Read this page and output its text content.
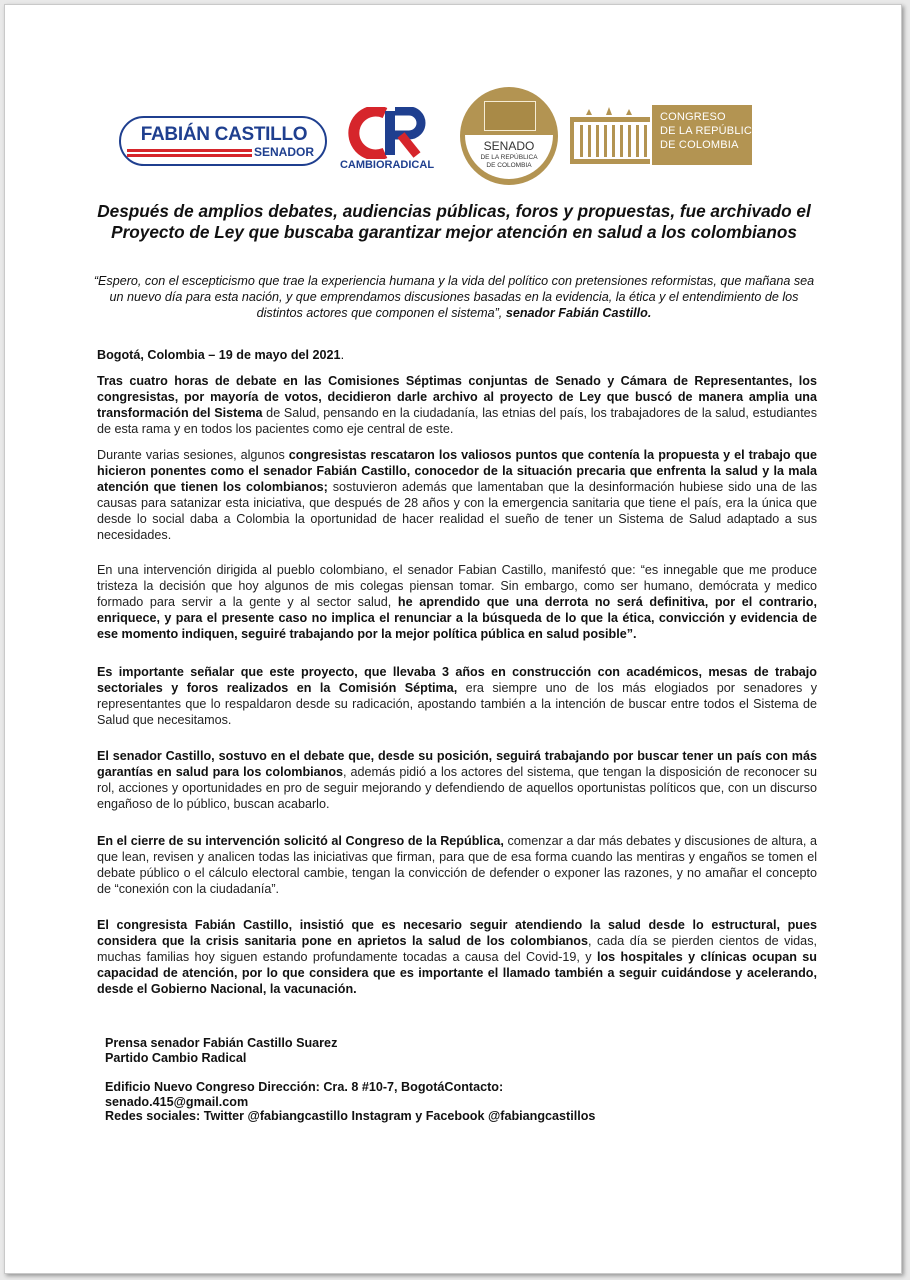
FABIÁN CASTILLO
SENADOR
CAMBIORADICAL
SENADO
DE LA REPÚBLICA
DE COLOMBIA
CONGRESO
DE LA REPÚBLICA
DE COLOMBIA
Después de amplios debates, audiencias públicas, foros y propuestas, fue archivado el Proyecto de Ley que buscaba garantizar mejor atención en salud a los colombianos

“Espero, con el escepticismo que trae la experiencia humana y la vida del político con pretensiones reformistas, que mañana sea un nuevo día para esta nación, y que emprendamos discusiones basadas en la evidencia, la ética y el entendimiento de los distintos actores que componen el sistema”, senador Fabián Castillo.

Bogotá, Colombia – 19 de mayo del 2021.

Tras cuatro horas de debate en las Comisiones Séptimas conjuntas de Senado y Cámara de Representantes, los congresistas, por mayoría de votos, decidieron darle archivo al proyecto de Ley que buscó de manera amplia una transformación del Sistema de Salud, pensando en la ciudadanía, las etnias del país, los trabajadores de la salud, estudiantes de esta rama y en todos los pacientes como eje central de este.

Durante varias sesiones, algunos congresistas rescataron los valiosos puntos que contenía la propuesta y el trabajo que hicieron ponentes como el senador Fabián Castillo, conocedor de la situación precaria que enfrenta la salud y la mala atención que tienen los colombianos; sostuvieron además que lamentaban que la desinformación hubiese sido una de las causas para satanizar esta iniciativa, que después de 28 años y con la emergencia sanitaria que tiene el país, era la única que desde lo social daba a Colombia la oportunidad de hacer realidad el sueño de tener un Sistema de Salud adaptado a sus necesidades.

En una intervención dirigida al pueblo colombiano, el senador Fabian Castillo, manifestó que: “es innegable que me produce tristeza la decisión que hoy algunos de mis colegas piensan tomar. Sin embargo, como ser humano, demócrata y medico formado para servir a la gente y al sector salud, he aprendido que una derrota no será definitiva, por el contrario, enriquece, y para el presente caso no implica el renunciar a la búsqueda de lo que la ética, convicción y evidencia de ese momento indiquen, seguiré trabajando por la mejor política pública en salud posible”.

Es importante señalar que este proyecto, que llevaba 3 años en construcción con académicos, mesas de trabajo sectoriales y foros realizados en la Comisión Séptima, era siempre uno de los más elogiados por senadores y representantes que lo respaldaron desde su radicación, apostando también a la intención de buscar entre todos el Sistema de Salud que necesitamos.

El senador Castillo, sostuvo en el debate que, desde su posición, seguirá trabajando por buscar tener un país con más garantías en salud para los colombianos, además pidió a los actores del sistema, que tengan la disposición de reconocer su rol, acciones y oportunidades en pro de seguir mejorando y defendiendo de aquellos oportunistas políticos que, con un discurso engañoso de lo público, buscan acabarlo.

En el cierre de su intervención solicitó al Congreso de la República, comenzar a dar más debates y discusiones de altura, a que lean, revisen y analicen todas las iniciativas que firman, para que de esa forma cuando las mentiras y engaños se tomen el debate público o el cálculo electoral cambie, tengan la convicción de defender o exponer las razones, y no amañar el concepto de “conexión con la ciudadanía”.

El congresista Fabián Castillo, insistió que es necesario seguir atendiendo la salud desde lo estructural, pues considera que la crisis sanitaria pone en aprietos la salud de los colombianos, cada día se pierden cientos de vidas, muchas familias hoy siguen estando profundamente tocadas a causa del Covid-19, y los hospitales y clínicas ocupan su capacidad de atención, por lo que considera que es importante el llamado también a seguir cuidándose y acelerando, desde el Gobierno Nacional, la vacunación.

Prensa senador Fabián Castillo Suarez

Partido Cambio Radical

Edificio Nuevo Congreso Dirección: Cra. 8 #10-7, BogotáContacto:

senado.415@gmail.com

Redes sociales: Twitter @fabiangcastillo Instagram y Facebook @fabiangcastillos
